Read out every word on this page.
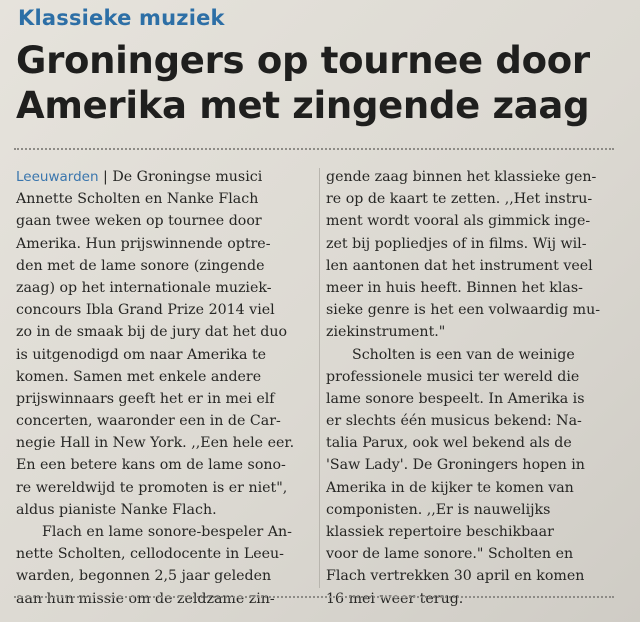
Klassieke muziek
Groningers op tournee door
Amerika met zingende zaag
Leeuwarden | De Groningse musici
Annette Scholten en Nanke Flach
gaan twee weken op tournee door
Amerika. Hun prijswinnende optre-
den met de lame sonore (zingende
zaag) op het internationale muziek-
concours Ibla Grand Prize 2014 viel
zo in de smaak bij de jury dat het duo
is uitgenodigd om naar Amerika te
komen. Samen met enkele andere
prijswinnaars geeft het er in mei elf
concerten, waaronder een in de Car-
negie Hall in New York. ,,Een hele eer.
En een betere kans om de lame sono-
re wereldwijd te promoten is er niet",
aldus pianiste Nanke Flach.
Flach en lame sonore-bespeler An-
nette Scholten, cellodocente in Leeu-
warden, begonnen 2,5 jaar geleden
aan hun missie om de zeldzame zin-
gende zaag binnen het klassieke gen-
re op de kaart te zetten. ,,Het instru-
ment wordt vooral als gimmick inge-
zet bij popliedjes of in films. Wij wil-
len aantonen dat het instrument veel
meer in huis heeft. Binnen het klas-
sieke genre is het een volwaardig mu-
ziekinstrument."
Scholten is een van de weinige
professionele musici ter wereld die
lame sonore bespeelt. In Amerika is
er slechts één musicus bekend: Na-
talia Parux, ook wel bekend als de
'Saw Lady'. De Groningers hopen in
Amerika in de kijker te komen van
componisten. ,,Er is nauwelijks
klassiek repertoire beschikbaar
voor de lame sonore." Scholten en
Flach vertrekken 30 april en komen
16 mei weer terug.
